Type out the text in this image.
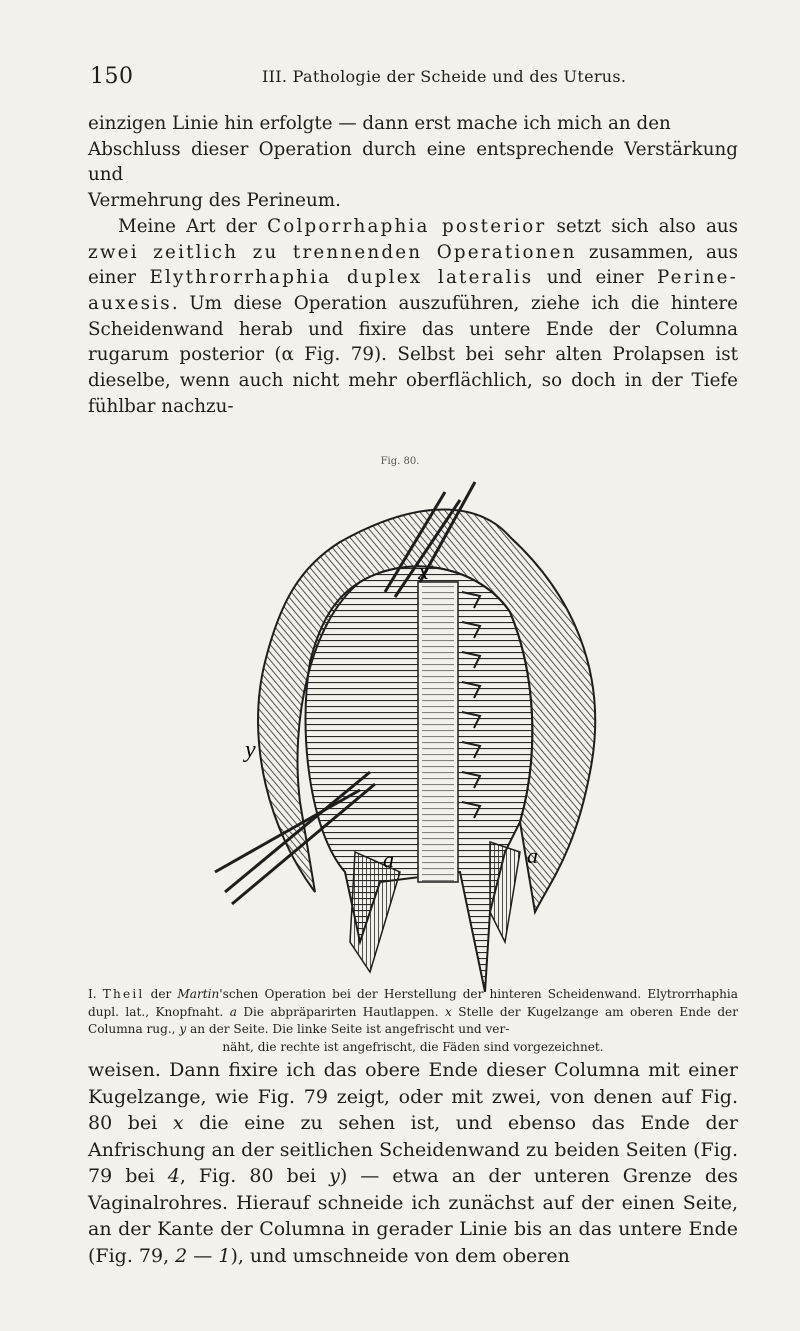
150	III. Pathologie der Scheide und des Uterus.

einzigen Linie hin erfolgte — dann erst mache ich mich an den

Abschluss dieser Operation durch eine entsprechende Verstärkung und

Vermehrung des Perineum.

Meine Art der Colporrhaphia posterior setzt sich also aus zwei zeitlich zu trennenden Operationen zusammen, aus einer Elythrorrhaphia duplex lateralis und einer Perine-auxesis. Um diese Operation auszuführen, ziehe ich die hintere Scheidenwand herab und fixire das untere Ende der Columna rugarum posterior (α Fig. 79). Selbst bei sehr alten Prolapsen ist dieselbe, wenn auch nicht mehr oberflächlich, so doch in der Tiefe fühlbar nachzu-

Fig. 80.
x
y
a	a

I. Theil der Martin'schen Operation bei der Herstellung der hinteren Scheidenwand. Elytrorrhaphia dupl. lat., Knopfnaht. a Die abpräparirten Hautlappen. x Stelle der Kugelzange am oberen Ende der Columna rug., y an der Seite. Die linke Seite ist angefrischt und ver-

näht, die rechte ist angefrischt, die Fäden sind vorgezeichnet.

weisen. Dann fixire ich das obere Ende dieser Columna mit einer Kugelzange, wie Fig. 79 zeigt, oder mit zwei, von denen auf Fig. 80 bei x die eine zu sehen ist, und ebenso das Ende der Anfrischung an der seitlichen Scheidenwand zu beiden Seiten (Fig. 79 bei 4, Fig. 80 bei y) — etwa an der unteren Grenze des Vaginalrohres. Hierauf schneide ich zunächst auf der einen Seite, an der Kante der Columna in gerader Linie bis an das untere Ende (Fig. 79, 2 — 1), und umschneide von dem oberen
